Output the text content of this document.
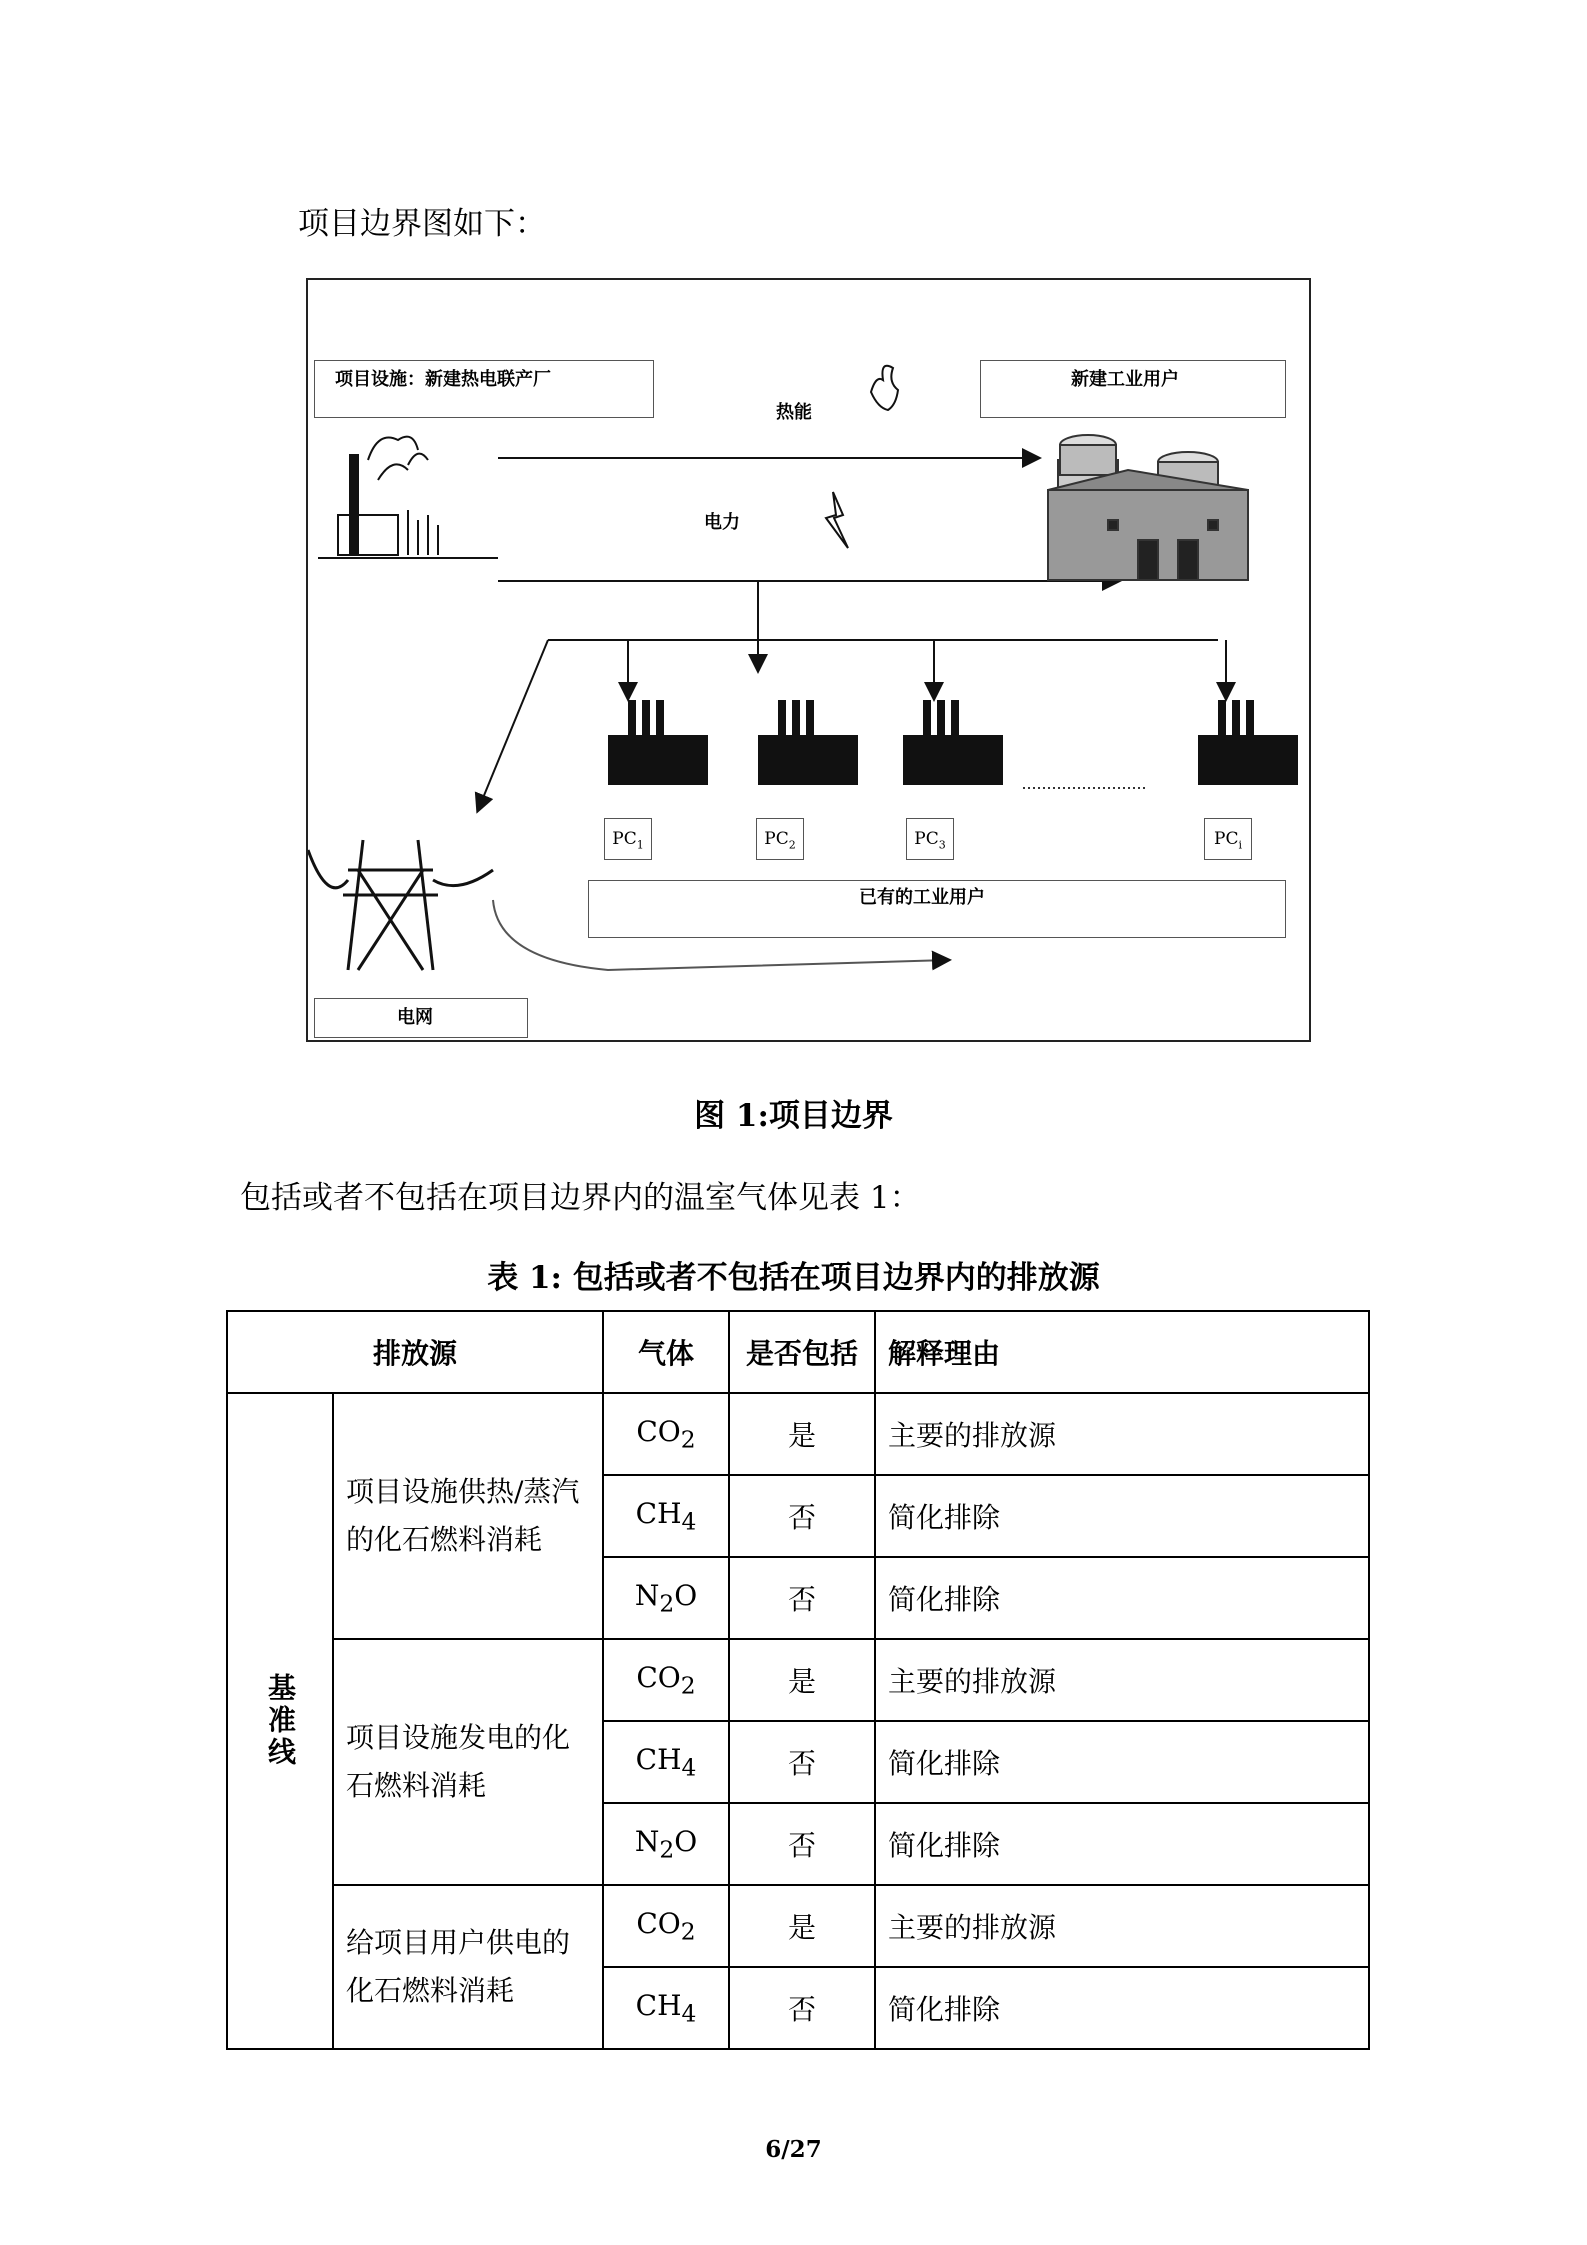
项目边界图如下：
项目设施：新建热电联产厂
热能
电力
新建工业用户
$PC_1$	$PC_2$	$PC_3$	$PC_i$
已有的工业用户
电网
图 1:项目边界
包括或者不包括在项目边界内的温室气体见表 1：
表 1: 包括或者不包括在项目边界内的排放源
排放源		气体	是否包括	解释理由
基准线	项目设施供热/蒸汽的化石燃料消耗	$CO_2$	是	主要的排放源
		$CH_4$	否	简化排除
		$N_2O$	否	简化排除
	项目设施发电的化石燃料消耗	$CO_2$	是	主要的排放源
		$CH_4$	否	简化排除
		$N_2O$	否	简化排除
	给项目用户供电的化石燃料消耗	$CO_2$	是	主要的排放源
		$CH_4$	否	简化排除
6/27
